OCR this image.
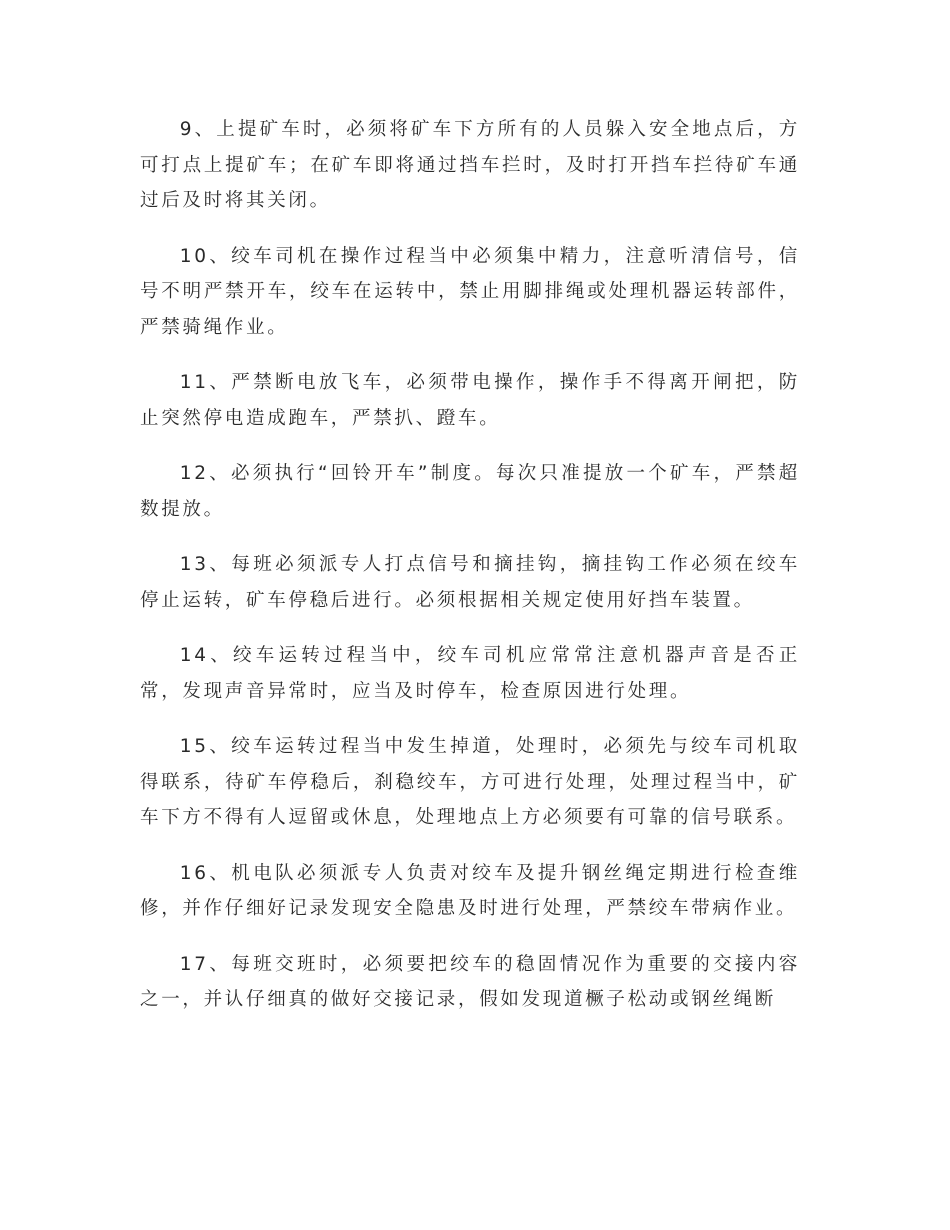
9、上提矿车时，必须将矿车下方所有的人员躲入安全地点后，方可打点上提矿车；在矿车即将通过挡车拦时，及时打开挡车拦待矿车通过后及时将其关闭。

10、绞车司机在操作过程当中必须集中精力，注意听清信号，信号不明严禁开车，绞车在运转中，禁止用脚排绳或处理机器运转部件，严禁骑绳作业。

11、严禁断电放飞车，必须带电操作，操作手不得离开闸把，防止突然停电造成跑车，严禁扒、蹬车。

12、必须执行“回铃开车”制度。每次只准提放一个矿车，严禁超数提放。

13、每班必须派专人打点信号和摘挂钩，摘挂钩工作必须在绞车停止运转，矿车停稳后进行。必须根据相关规定使用好挡车装置。

14、绞车运转过程当中，绞车司机应常常注意机器声音是否正常，发现声音异常时，应当及时停车，检查原因进行处理。

15、绞车运转过程当中发生掉道，处理时，必须先与绞车司机取得联系，待矿车停稳后，刹稳绞车，方可进行处理，处理过程当中，矿车下方不得有人逗留或休息，处理地点上方必须要有可靠的信号联系。

16、机电队必须派专人负责对绞车及提升钢丝绳定期进行检查维修，并作仔细好记录发现安全隐患及时进行处理，严禁绞车带病作业。

17、每班交班时，必须要把绞车的稳固情况作为重要的交接内容之一，并认仔细真的做好交接记录，假如发现道橛子松动或钢丝绳断
